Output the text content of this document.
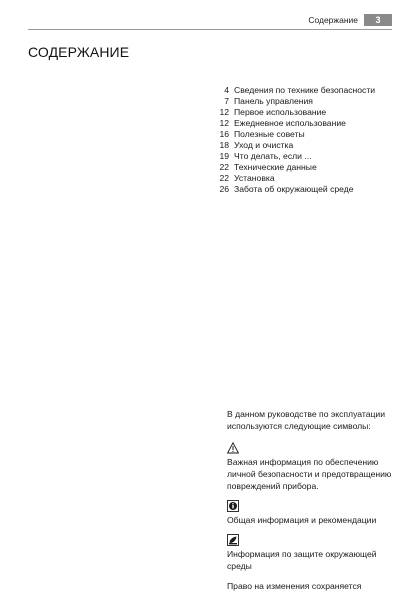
Содержание	3
СОДЕРЖАНИЕ
4 Сведения по технике безопасности
7 Панель управления
12 Первое использование
12 Ежедневное использование
16 Полезные советы
18 Уход и очистка
19 Что делать, если ...
22 Технические данные
22 Установка
26 Забота об окружающей среде

В данном руководстве по эксплуатации используются следующие символы:

Важная информация по обеспечению личной безопасности и предотвращению повреждений прибора.

Общая информация и рекомендации

Информация по защите окружающей среды

Право на изменения сохраняется
